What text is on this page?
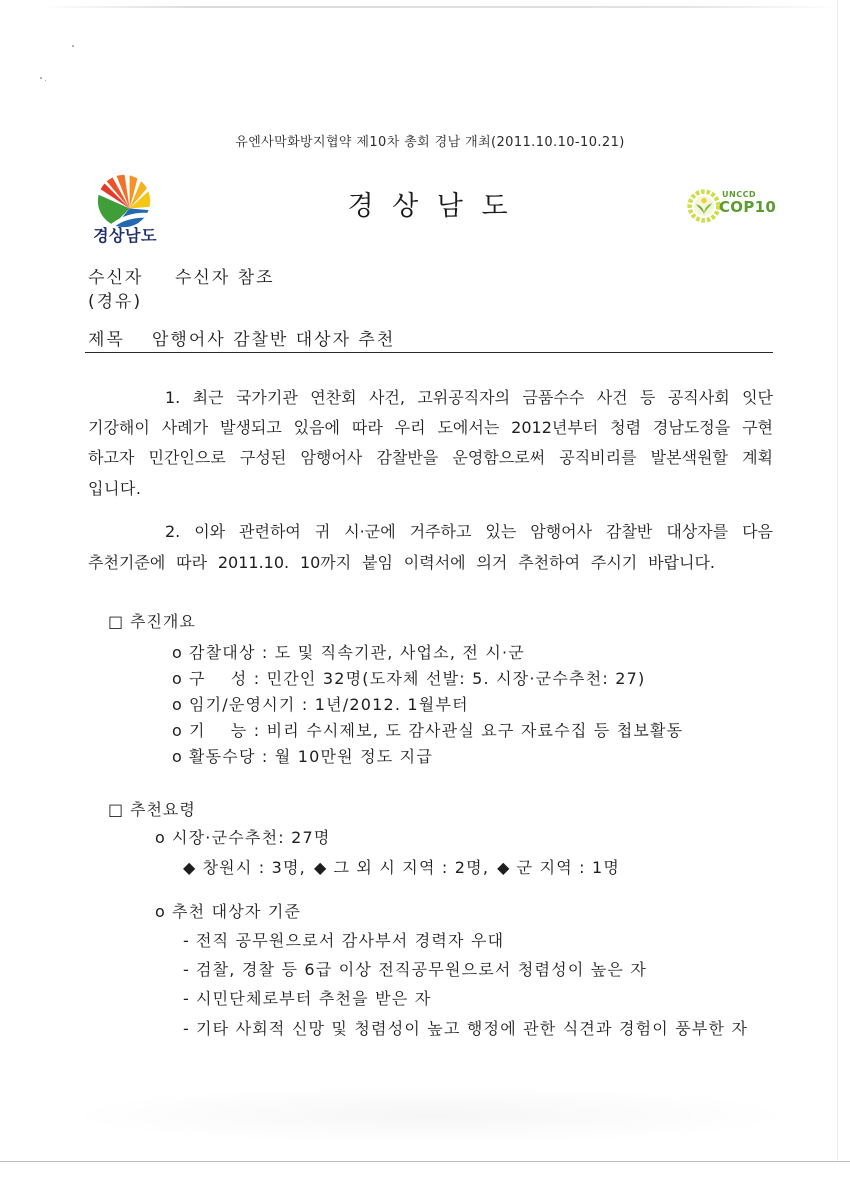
유엔사막화방지협약 제10차 총회 경남 개최(2011.10.10-10.21)
경상남도
경 상 남 도	UNCCD
COP10
수신자 수신자 참조
(경유)
제목 암행어사 감찰반 대상자 추천
1. 최근 국가기관 연찬회 사건, 고위공직자의 금품수수 사건 등 공직사회 잇단
기강해이 사례가 발생되고 있음에 따라 우리 도에서는 2012년부터 청렴 경남도정을 구현
하고자 민간인으로 구성된 암행어사 감찰반을 운영함으로써 공직비리를 발본색원할 계획
입니다.
2. 이와 관련하여 귀 시·군에 거주하고 있는 암행어사 감찰반 대상자를 다음
추천기준에 따라 2011.10. 10까지 붙임 이력서에 의거 추천하여 주시기 바랍니다.
□ 추진개요
o 감찰대상 : 도 및 직속기관, 사업소, 전 시·군
o 구    성 : 민간인 32명(도자체 선발: 5. 시장·군수추천: 27)
o 임기/운영시기 : 1년/2012. 1월부터
o 기    능 : 비리 수시제보, 도 감사관실 요구 자료수집 등 첩보활동
o 활동수당 : 월 10만원 정도 지급
□ 추천요령
o 시장·군수추천: 27명
◆ 창원시 : 3명, ◆ 그 외 시 지역 : 2명, ◆ 군 지역 : 1명
o 추천 대상자 기준
- 전직 공무원으로서 감사부서 경력자 우대
- 검찰, 경찰 등 6급 이상 전직공무원으로서 청렴성이 높은 자
- 시민단체로부터 추천을 받은 자
- 기타 사회적 신망 및 청렴성이 높고 행정에 관한 식견과 경험이 풍부한 자
